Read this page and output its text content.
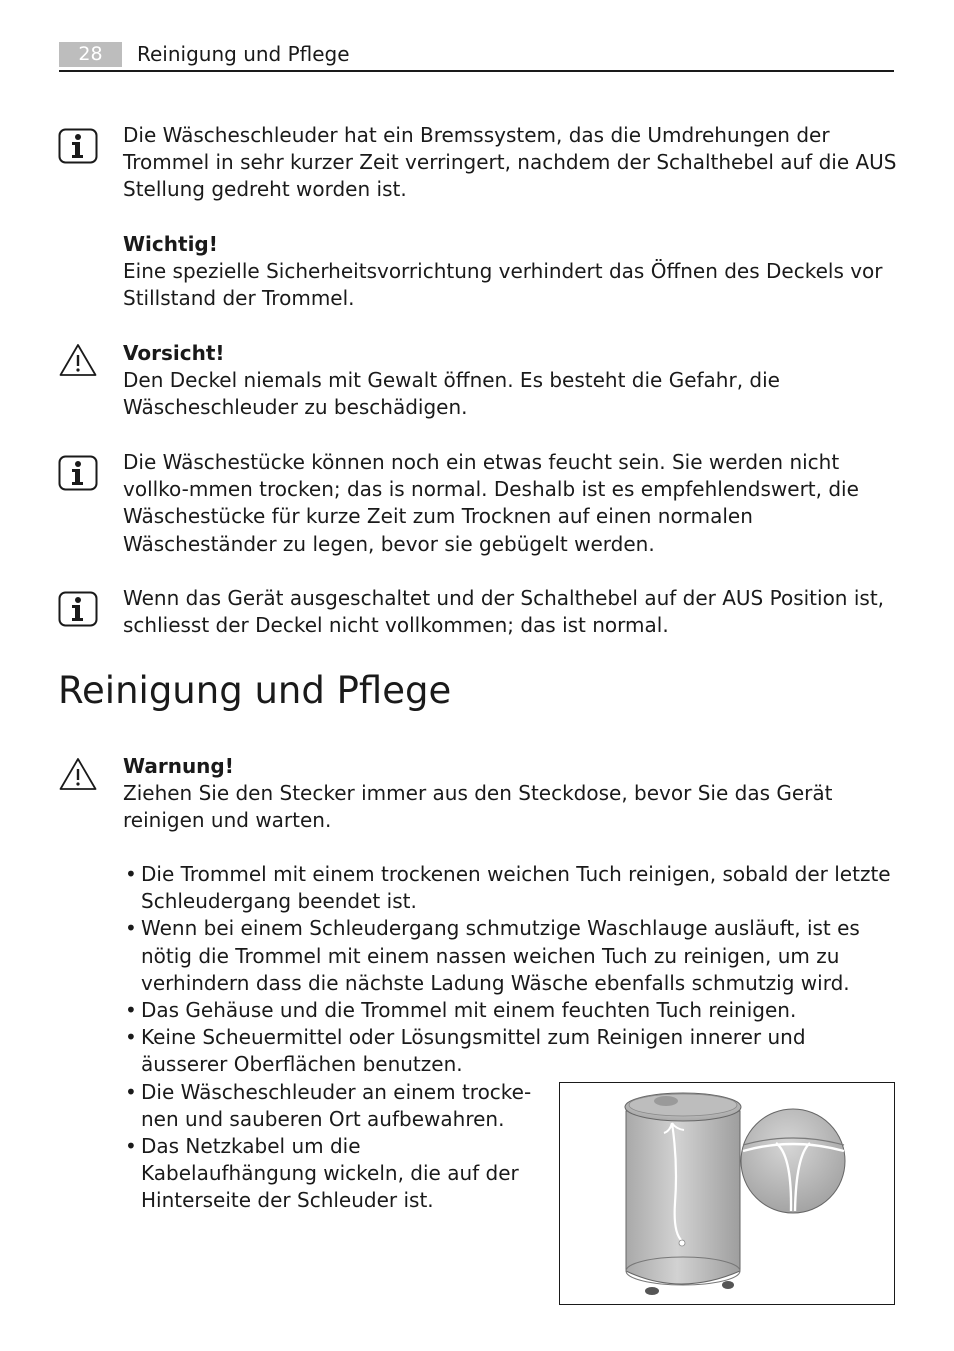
28	Reinigung und Pflege

Die Wäscheschleuder hat ein Bremssystem, das die Umdrehungen der Trommel in sehr kurzer Zeit verringert, nachdem der Schalthebel auf die AUS Stellung gedreht worden ist.

Wichtig!

Eine spezielle Sicherheitsvorrichtung verhindert das Öffnen des Deckels vor Stillstand der Trommel.

Vorsicht!

Den Deckel niemals mit Gewalt öffnen. Es besteht die Gefahr, die Wäscheschleuder zu beschädigen.

Die Wäschestücke können noch ein etwas feucht sein. Sie werden nicht vollko-mmen trocken; das is normal. Deshalb ist es empfehlendswert, die Wäschestücke für kurze Zeit zum Trocknen auf einen normalen Wäscheständer zu legen, bevor sie gebügelt werden.

Wenn das Gerät ausgeschaltet und der Schalthebel auf der AUS Position ist, schliesst der Deckel nicht vollkommen; das ist normal.

Reinigung und Pflege

Warnung!

Ziehen Sie den Stecker immer aus den Steckdose, bevor Sie das Gerät reinigen und warten.

• Die Trommel mit einem trockenen weichen Tuch reinigen, sobald der letzte Schleudergang beendet ist.
• Wenn bei einem Schleudergang schmutzige Waschlauge ausläuft, ist es nötig die Trommel mit einem nassen weichen Tuch zu reinigen, um zu verhindern dass die nächste Ladung Wäsche ebenfalls schmutzig wird.
• Das Gehäuse und die Trommel mit einem feuchten Tuch reinigen.
• Keine Scheuermittel oder Lösungsmittel zum Reinigen innerer und äusserer Oberflächen benutzen.
• Die Wäscheschleuder an einem trocke-nen und sauberen Ort aufbewahren.
• Das Netzkabel um die Kabelaufhängung wickeln, die auf der Hinterseite der Schleuder ist.
